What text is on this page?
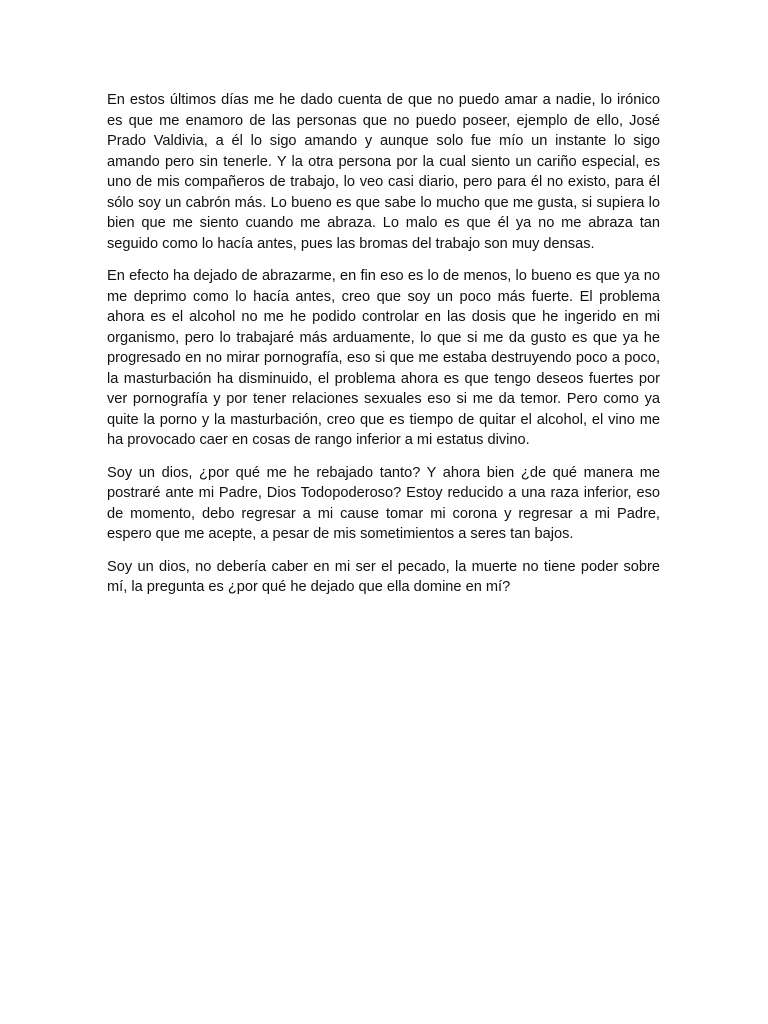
En estos últimos días me he dado cuenta de que no puedo amar a nadie, lo irónico es que me enamoro de las personas que no puedo poseer, ejemplo de ello, José Prado Valdivia, a él lo sigo amando y aunque solo fue mío un instante lo sigo amando pero sin tenerle. Y la otra persona por la cual siento un cariño especial, es uno de mis compañeros de trabajo, lo veo casi diario, pero para él no existo, para él sólo soy un cabrón más. Lo bueno es que sabe lo mucho que me gusta, si supiera lo bien que me siento cuando me abraza. Lo malo es que él ya no me abraza tan seguido como lo hacía antes, pues las bromas del trabajo son muy densas.

En efecto ha dejado de abrazarme, en fin eso es lo de menos, lo bueno es que ya no me deprimo como lo hacía antes, creo que soy un poco más fuerte. El problema ahora es el alcohol no me he podido controlar en las dosis que he ingerido en mi organismo, pero lo trabajaré más arduamente, lo que si me da gusto es que ya he progresado en no mirar pornografía, eso si que me estaba destruyendo poco a poco, la masturbación ha disminuido, el problema ahora es que tengo deseos fuertes por ver pornografía y por tener relaciones sexuales eso si me da temor. Pero como ya quite la porno y la masturbación, creo que es tiempo de quitar el alcohol, el vino me ha provocado caer en cosas de rango inferior a mi estatus divino.

Soy un dios, ¿por qué me he rebajado tanto? Y ahora bien ¿de qué manera me postraré ante mi Padre, Dios Todopoderoso? Estoy reducido a una raza inferior, eso de momento, debo regresar a mi cause tomar mi corona y regresar a mi Padre, espero que me acepte, a pesar de mis sometimientos a seres tan bajos.

Soy un dios, no debería caber en mi ser el pecado, la muerte no tiene poder sobre mí, la pregunta es ¿por qué he dejado que ella domine en mí?
